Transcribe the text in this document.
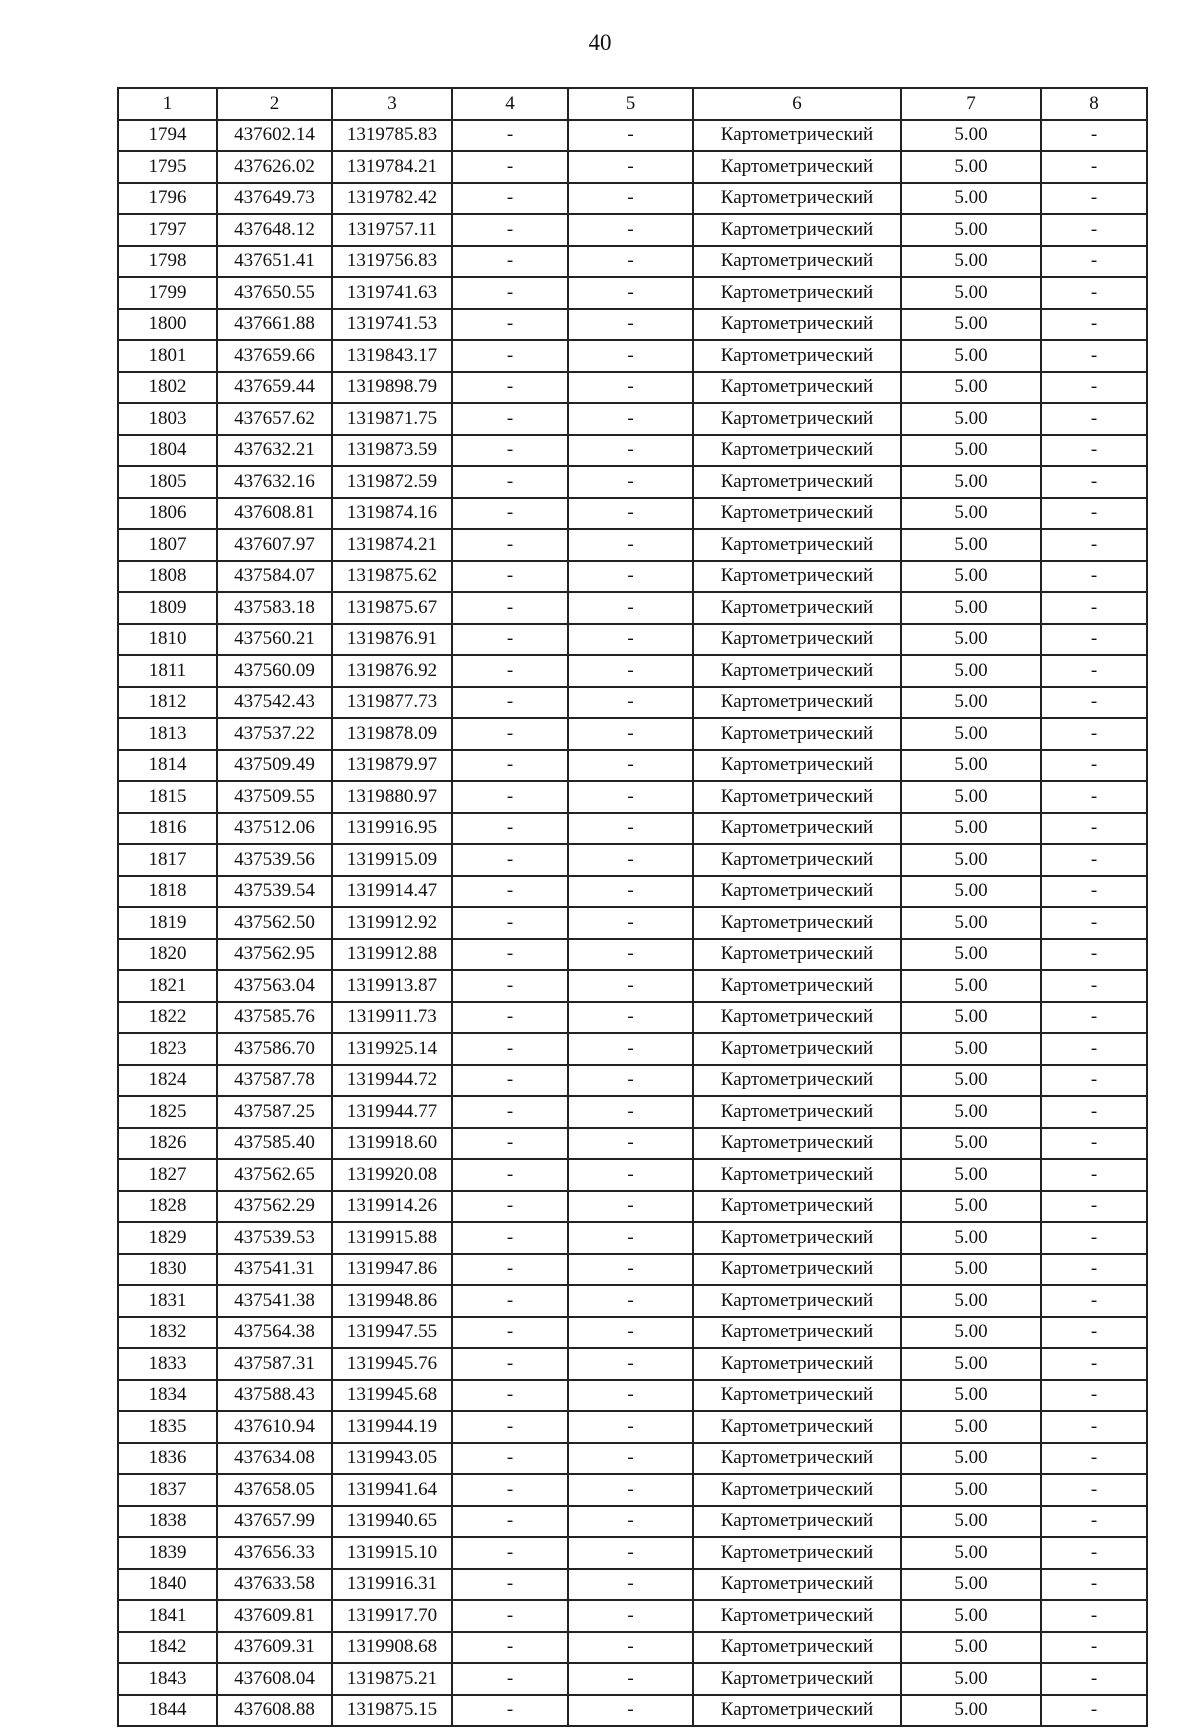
40
1	2	3	4	5	6	7	8
1794	437602.14	1319785.83	-	-	Картометрический	5.00	-
1795	437626.02	1319784.21	-	-	Картометрический	5.00	-
1796	437649.73	1319782.42	-	-	Картометрический	5.00	-
1797	437648.12	1319757.11	-	-	Картометрический	5.00	-
1798	437651.41	1319756.83	-	-	Картометрический	5.00	-
1799	437650.55	1319741.63	-	-	Картометрический	5.00	-
1800	437661.88	1319741.53	-	-	Картометрический	5.00	-
1801	437659.66	1319843.17	-	-	Картометрический	5.00	-
1802	437659.44	1319898.79	-	-	Картометрический	5.00	-
1803	437657.62	1319871.75	-	-	Картометрический	5.00	-
1804	437632.21	1319873.59	-	-	Картометрический	5.00	-
1805	437632.16	1319872.59	-	-	Картометрический	5.00	-
1806	437608.81	1319874.16	-	-	Картометрический	5.00	-
1807	437607.97	1319874.21	-	-	Картометрический	5.00	-
1808	437584.07	1319875.62	-	-	Картометрический	5.00	-
1809	437583.18	1319875.67	-	-	Картометрический	5.00	-
1810	437560.21	1319876.91	-	-	Картометрический	5.00	-
1811	437560.09	1319876.92	-	-	Картометрический	5.00	-
1812	437542.43	1319877.73	-	-	Картометрический	5.00	-
1813	437537.22	1319878.09	-	-	Картометрический	5.00	-
1814	437509.49	1319879.97	-	-	Картометрический	5.00	-
1815	437509.55	1319880.97	-	-	Картометрический	5.00	-
1816	437512.06	1319916.95	-	-	Картометрический	5.00	-
1817	437539.56	1319915.09	-	-	Картометрический	5.00	-
1818	437539.54	1319914.47	-	-	Картометрический	5.00	-
1819	437562.50	1319912.92	-	-	Картометрический	5.00	-
1820	437562.95	1319912.88	-	-	Картометрический	5.00	-
1821	437563.04	1319913.87	-	-	Картометрический	5.00	-
1822	437585.76	1319911.73	-	-	Картометрический	5.00	-
1823	437586.70	1319925.14	-	-	Картометрический	5.00	-
1824	437587.78	1319944.72	-	-	Картометрический	5.00	-
1825	437587.25	1319944.77	-	-	Картометрический	5.00	-
1826	437585.40	1319918.60	-	-	Картометрический	5.00	-
1827	437562.65	1319920.08	-	-	Картометрический	5.00	-
1828	437562.29	1319914.26	-	-	Картометрический	5.00	-
1829	437539.53	1319915.88	-	-	Картометрический	5.00	-
1830	437541.31	1319947.86	-	-	Картометрический	5.00	-
1831	437541.38	1319948.86	-	-	Картометрический	5.00	-
1832	437564.38	1319947.55	-	-	Картометрический	5.00	-
1833	437587.31	1319945.76	-	-	Картометрический	5.00	-
1834	437588.43	1319945.68	-	-	Картометрический	5.00	-
1835	437610.94	1319944.19	-	-	Картометрический	5.00	-
1836	437634.08	1319943.05	-	-	Картометрический	5.00	-
1837	437658.05	1319941.64	-	-	Картометрический	5.00	-
1838	437657.99	1319940.65	-	-	Картометрический	5.00	-
1839	437656.33	1319915.10	-	-	Картометрический	5.00	-
1840	437633.58	1319916.31	-	-	Картометрический	5.00	-
1841	437609.81	1319917.70	-	-	Картометрический	5.00	-
1842	437609.31	1319908.68	-	-	Картометрический	5.00	-
1843	437608.04	1319875.21	-	-	Картометрический	5.00	-
1844	437608.88	1319875.15	-	-	Картометрический	5.00	-
